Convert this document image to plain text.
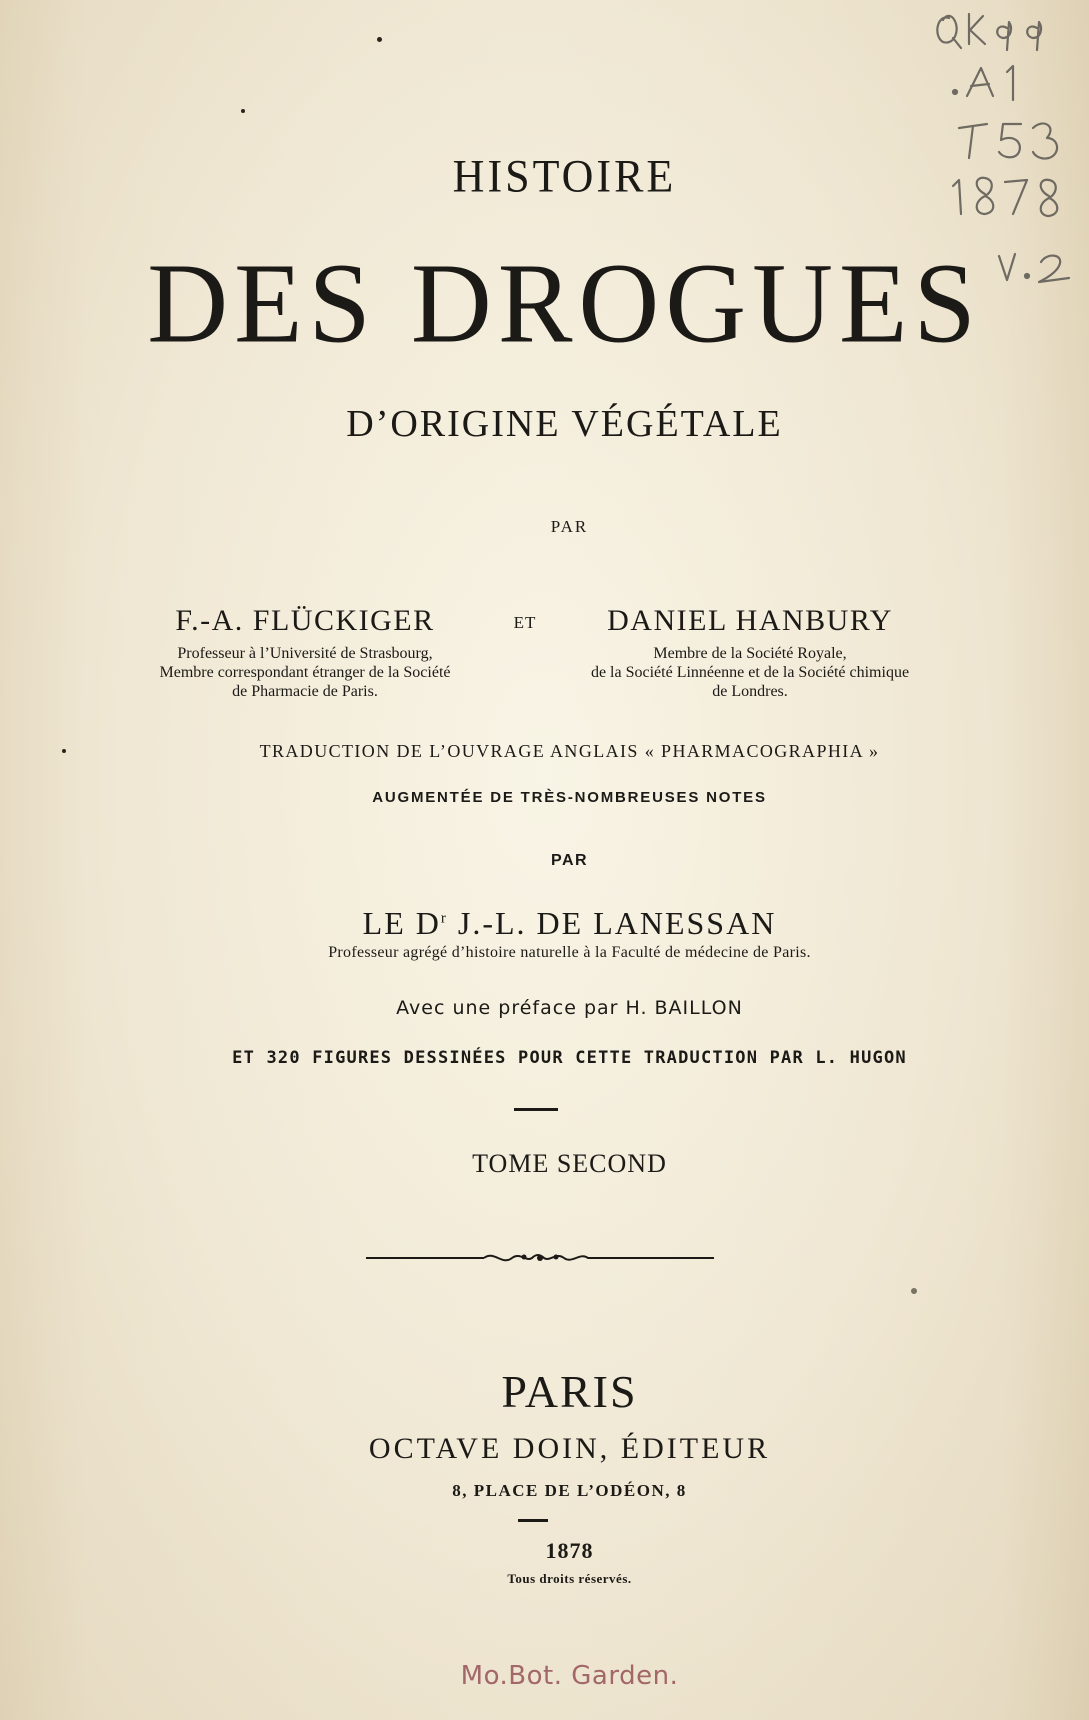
HISTOIRE
DES DROGUES
D’ORIGINE VÉGÉTALE
PAR
F.-A. FLÜCKIGER
Professeur à l’Université de Strasbourg,
Membre correspondant étranger de la Société
de Pharmacie de Paris.
ET	DANIEL HANBURY
Membre de la Société Royale,
de la Société Linnéenne et de la Société chimique
de Londres.
TRADUCTION DE L’OUVRAGE ANGLAIS « PHARMACOGRAPHIA »
AUGMENTÉE DE TRÈS-NOMBREUSES NOTES
PAR
LE $D^r$ J.-L. DE LANESSAN
Professeur agrégé d’histoire naturelle à la Faculté de médecine de Paris.
Avec une préface par H. BAILLON
ET 320 FIGURES DESSINÉES POUR CETTE TRADUCTION PAR L. HUGON
TOME SECOND
PARIS
OCTAVE DOIN, ÉDITEUR
8, PLACE DE L’ODÉON, 8
1878
Tous droits réservés.
Mo.Bot. Garden.
